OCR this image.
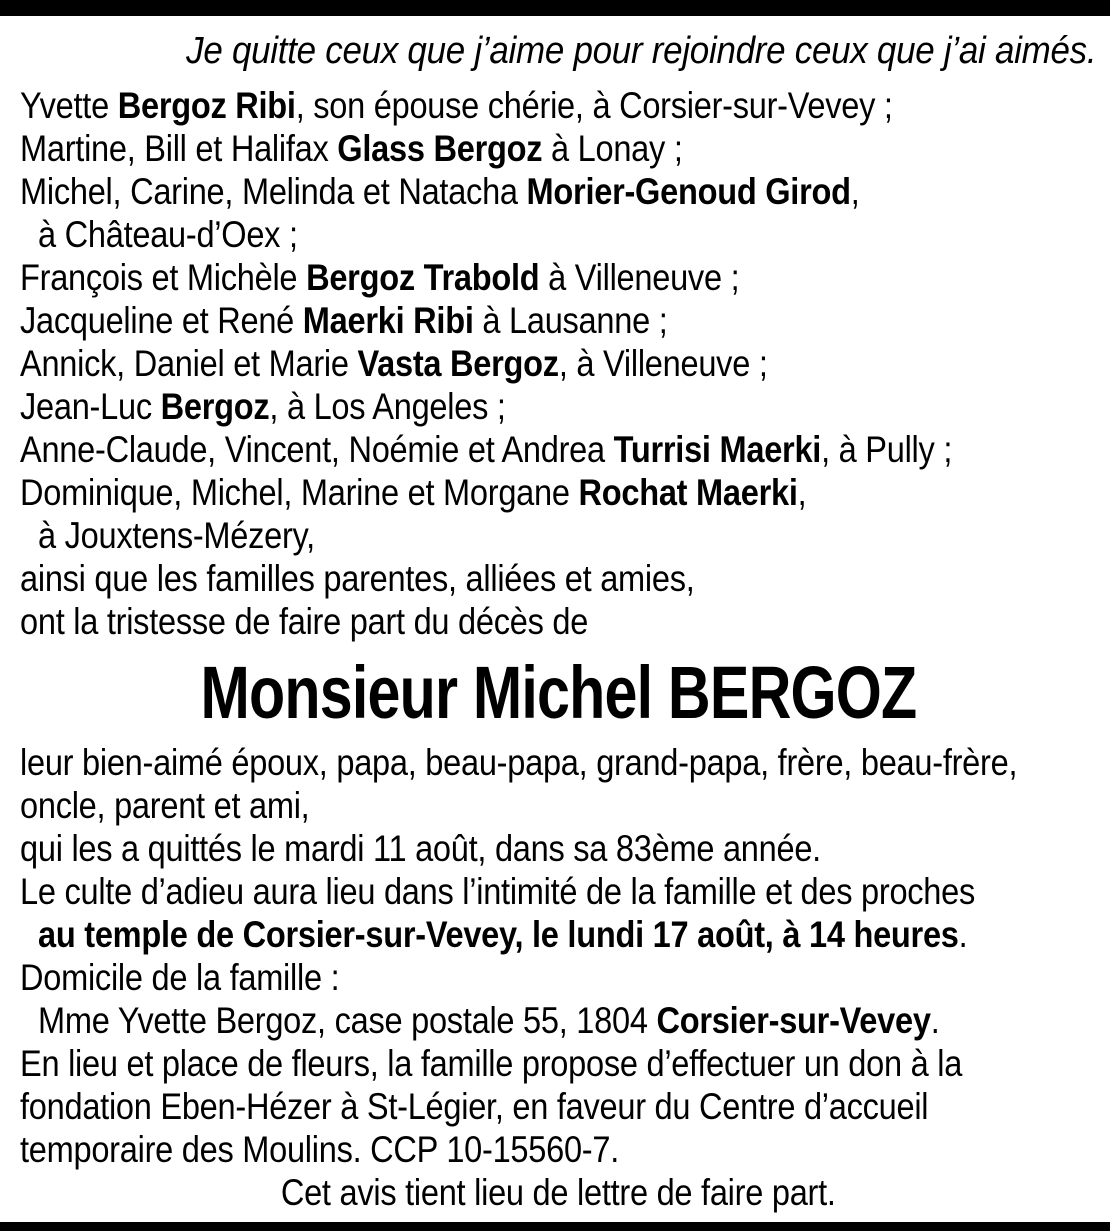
Je quitte ceux que j’aime pour rejoindre ceux que j’ai aimés.
Yvette Bergoz Ribi, son épouse chérie, à Corsier-sur-Vevey ;
Martine, Bill et Halifax Glass Bergoz à Lonay ;
Michel, Carine, Melinda et Natacha Morier-Genoud Girod,
à Château-d’Oex ;
François et Michèle Bergoz Trabold à Villeneuve ;
Jacqueline et René Maerki Ribi à Lausanne ;
Annick, Daniel et Marie Vasta Bergoz, à Villeneuve ;
Jean-Luc Bergoz, à Los Angeles ;
Anne-Claude, Vincent, Noémie et Andrea Turrisi Maerki, à Pully ;
Dominique, Michel, Marine et Morgane Rochat Maerki,
à Jouxtens-Mézery,
ainsi que les familles parentes, alliées et amies,
ont la tristesse de faire part du décès de
Monsieur Michel BERGOZ
leur bien-aimé époux, papa, beau-papa, grand-papa, frère, beau-frère,
oncle, parent et ami,
qui les a quittés le mardi 11 août, dans sa 83ème année.
Le culte d’adieu aura lieu dans l’intimité de la famille et des proches
au temple de Corsier-sur-Vevey, le lundi 17 août, à 14 heures.
Domicile de la famille :
Mme Yvette Bergoz, case postale 55, 1804 Corsier-sur-Vevey.
En lieu et place de fleurs, la famille propose d’effectuer un don à la
fondation Eben-Hézer à St-Légier, en faveur du Centre d’accueil
temporaire des Moulins. CCP 10-15560-7.
Cet avis tient lieu de lettre de faire part.
